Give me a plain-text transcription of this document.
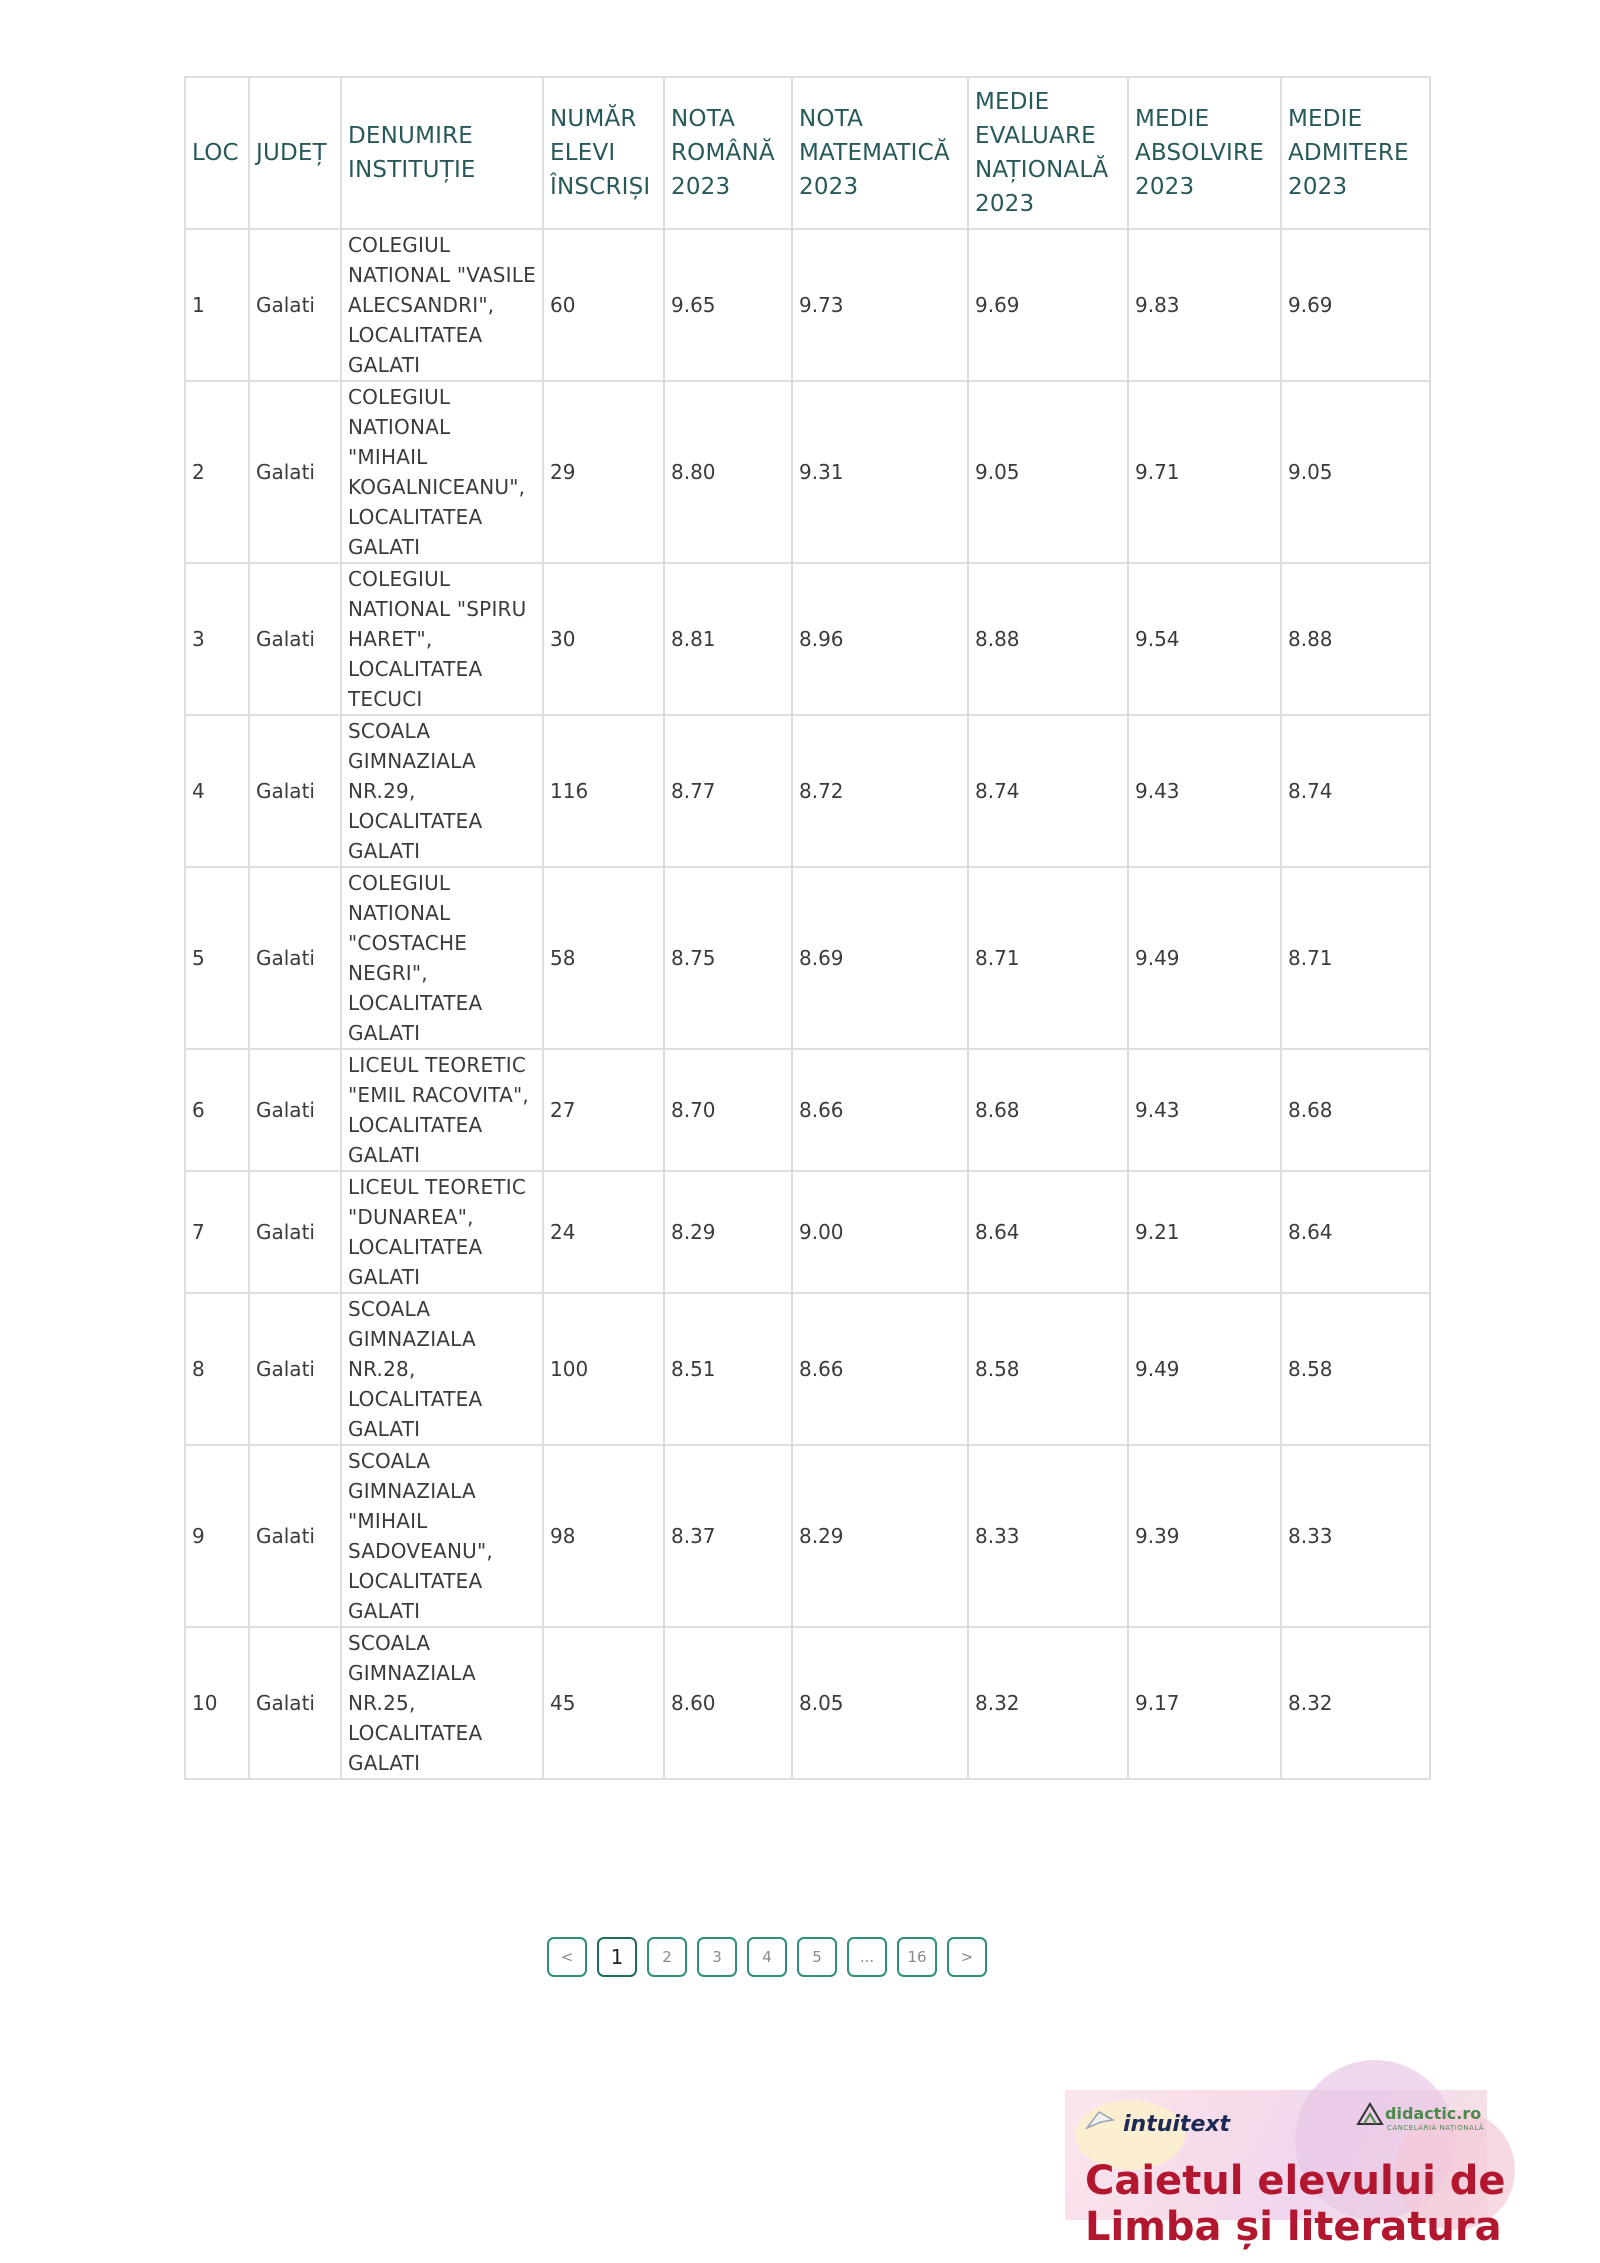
LOC	JUDEȚ	DENUMIRE INSTITUȚIE	NUMĂR ELEVI ÎNSCRIȘI	NOTA ROMÂNĂ 2023	NOTA MATEMATICĂ 2023	MEDIE EVALUARE NAȚIONALĂ 2023	MEDIE ABSOLVIRE 2023	MEDIE ADMITERE 2023
1	Galati	COLEGIUL NATIONAL "VASILE ALECSANDRI", LOCALITATEA GALATI	60	9.65	9.73	9.69	9.83	9.69
2	Galati	COLEGIUL NATIONAL "MIHAIL KOGALNICEANU", LOCALITATEA GALATI	29	8.80	9.31	9.05	9.71	9.05
3	Galati	COLEGIUL NATIONAL "SPIRU HARET", LOCALITATEA TECUCI	30	8.81	8.96	8.88	9.54	8.88
4	Galati	SCOALA GIMNAZIALA NR.29, LOCALITATEA GALATI	116	8.77	8.72	8.74	9.43	8.74
5	Galati	COLEGIUL NATIONAL "COSTACHE NEGRI", LOCALITATEA GALATI	58	8.75	8.69	8.71	9.49	8.71
6	Galati	LICEUL TEORETIC "EMIL RACOVITA", LOCALITATEA GALATI	27	8.70	8.66	8.68	9.43	8.68
7	Galati	LICEUL TEORETIC "DUNAREA", LOCALITATEA GALATI	24	8.29	9.00	8.64	9.21	8.64
8	Galati	SCOALA GIMNAZIALA NR.28, LOCALITATEA GALATI	100	8.51	8.66	8.58	9.49	8.58
9	Galati	SCOALA GIMNAZIALA "MIHAIL SADOVEANU", LOCALITATEA GALATI	98	8.37	8.29	8.33	9.39	8.33
10	Galati	SCOALA GIMNAZIALA NR.25, LOCALITATEA GALATI	45	8.60	8.05	8.32	9.17	8.32
<	1	2	3	4	5	...	16	>
intuitext	didactic.ro
CANCELARIA NAȚIONALĂ
Caietul elevului de
Limba și literatura
